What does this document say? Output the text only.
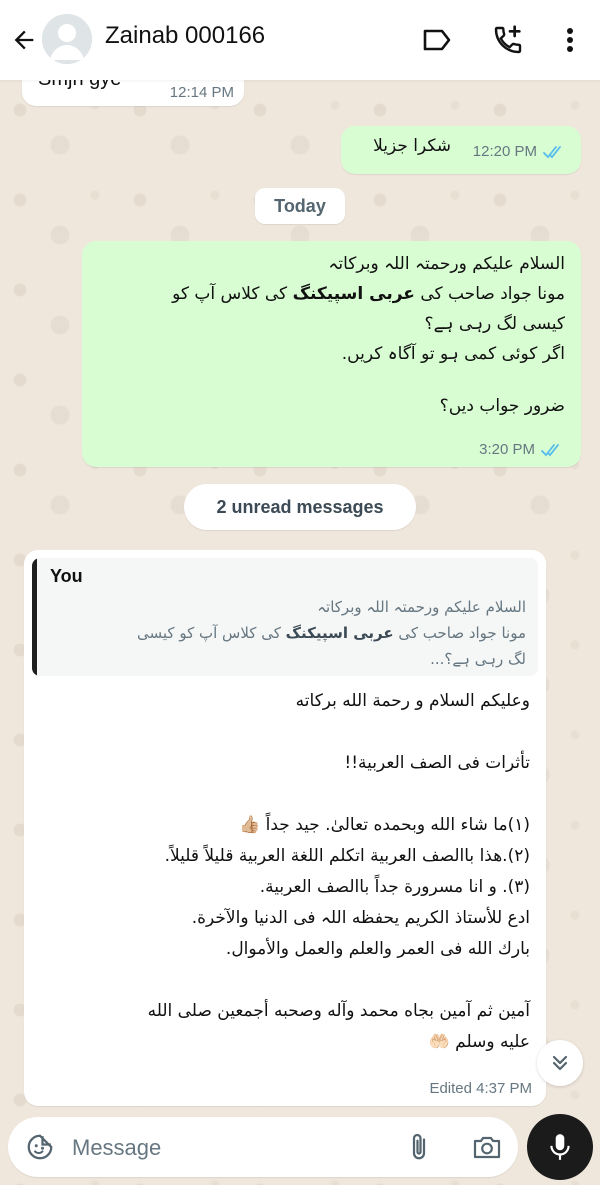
Zainab 000166
12:14 PM
شکرا جزیلا 12:20 PM
Today
السلام علیکم ورحمتہ اللہ وبرکاتہ
مونا جواد صاحب کی عربی اسپیکنگ کی کلاس آپ کو
کیسی لگ رہی ہے؟
اگر کوئی کمی ہو تو آگاہ کریں.
ضرور جواب دیں؟
3:20 PM
2 unread messages
You
السلام علیکم ورحمتہ اللہ وبرکاتہ
مونا جواد صاحب کی عربی اسپیکنگ کی کلاس آپ کو کیسی
لگ رہی ہے؟...
وعلیکم السلام و رحمة الله برکاته
تأثرات فی الصف العربية!!
(١)ما شاء الله وبحمده تعالیٰ. جيد جداً 👍🏼
(٢).هذا باالصف العربية اتكلم اللغة العربية قليلاً قليلاً.
(٣). و انا مسرورة جداً باالصف العربية.
ادع للأستاذ الكريم يحفظه اللہ فی الدنيا والآخرة.
بارك الله فی العمر والعلم والعمل والأموال.
آمين ثم آمين بجاه محمد وآله وصحبه أجمعين صلى الله
عليه وسلم 🤲🏻
Edited 4:37 PM
Message
